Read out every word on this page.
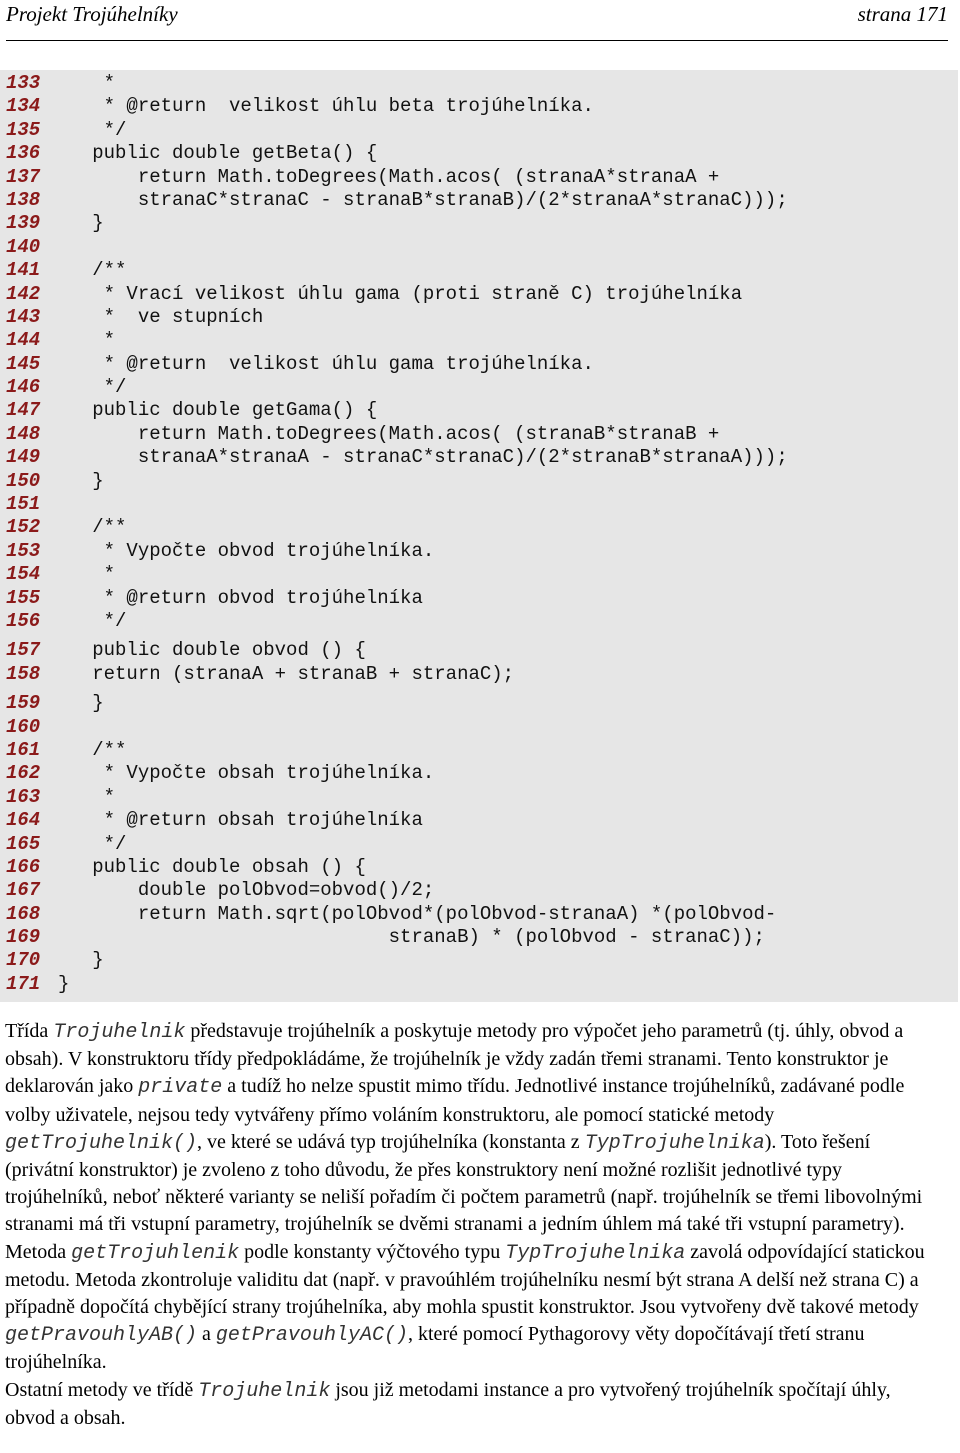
Projekt Trojúhelníky	strana 171
133 *
134 * @return  velikost úhlu beta trojúhelníka.
135 */
136 public double getBeta() {
137 return Math.toDegrees(Math.acos( (stranaA*stranaA +
138 stranaC*stranaC - stranaB*stranaB)/(2*stranaA*stranaC)));
139 }
140
141 /**
142 * Vrací velikost úhlu gama (proti straně C) trojúhelníka
143 *  ve stupních
144 *
145 * @return  velikost úhlu gama trojúhelníka.
146 */
147 public double getGama() {
148 return Math.toDegrees(Math.acos( (stranaB*stranaB +
149 stranaA*stranaA - stranaC*stranaC)/(2*stranaB*stranaA)));
150 }
151
152 /**
153 * Vypočte obvod trojúhelníka.
154 *
155 * @return obvod trojúhelníka
156 */
157 public double obvod () {
158 return (stranaA + stranaB + stranaC);
159 }
160
161 /**
162 * Vypočte obsah trojúhelníka.
163 *
164 * @return obsah trojúhelníka
165 */
166 public double obsah () {
167 double polObvod=obvod()/2;
168 return Math.sqrt(polObvod*(polObvod-stranaA) *(polObvod-
169 stranaB) * (polObvod - stranaC));
170 }
171 }

Třída Trojuhelnik představuje trojúhelník a poskytuje metody pro výpočet jeho parametrů (tj. úhly, obvod a obsah). V konstruktoru třídy předpokládáme, že trojúhelník je vždy zadán třemi stranami. Tento konstruktor je deklarován jako private a tudíž ho nelze spustit mimo třídu. Jednotlivé instance trojúhelníků, zadávané podle volby uživatele, nejsou tedy vytvářeny přímo voláním konstruktoru, ale pomocí statické metody getTrojuhelnik(), ve které se udává typ trojúhelníka (konstanta z TypTrojuhelnika). Toto řešení (privátní konstruktor) je zvoleno z toho důvodu, že přes konstruktory není možné rozlišit jednotlivé typy trojúhelníků, neboť některé varianty se neliší pořadím či počtem parametrů (např. trojúhelník se třemi libovolnými stranami má tři vstupní parametry, trojúhelník se dvěmi stranami a jedním úhlem má také tři vstupní parametry).

Metoda getTrojuhlenik podle konstanty výčtového typu TypTrojuhelnika zavolá odpovídající statickou metodu. Metoda zkontroluje validitu dat (např. v pravoúhlém trojúhelníku nesmí být strana A delší než strana C) a případně dopočítá chybějící strany trojúhelníka, aby mohla spustit konstruktor. Jsou vytvořeny dvě takové metody getPravouhlyAB() a getPravouhlyAC(), které pomocí Pythagorovy věty dopočítávají třetí stranu trojúhelníka.

Ostatní metody ve třídě Trojuhelnik jsou již metodami instance a pro vytvořený trojúhelník spočítají úhly, obvod a obsah.
